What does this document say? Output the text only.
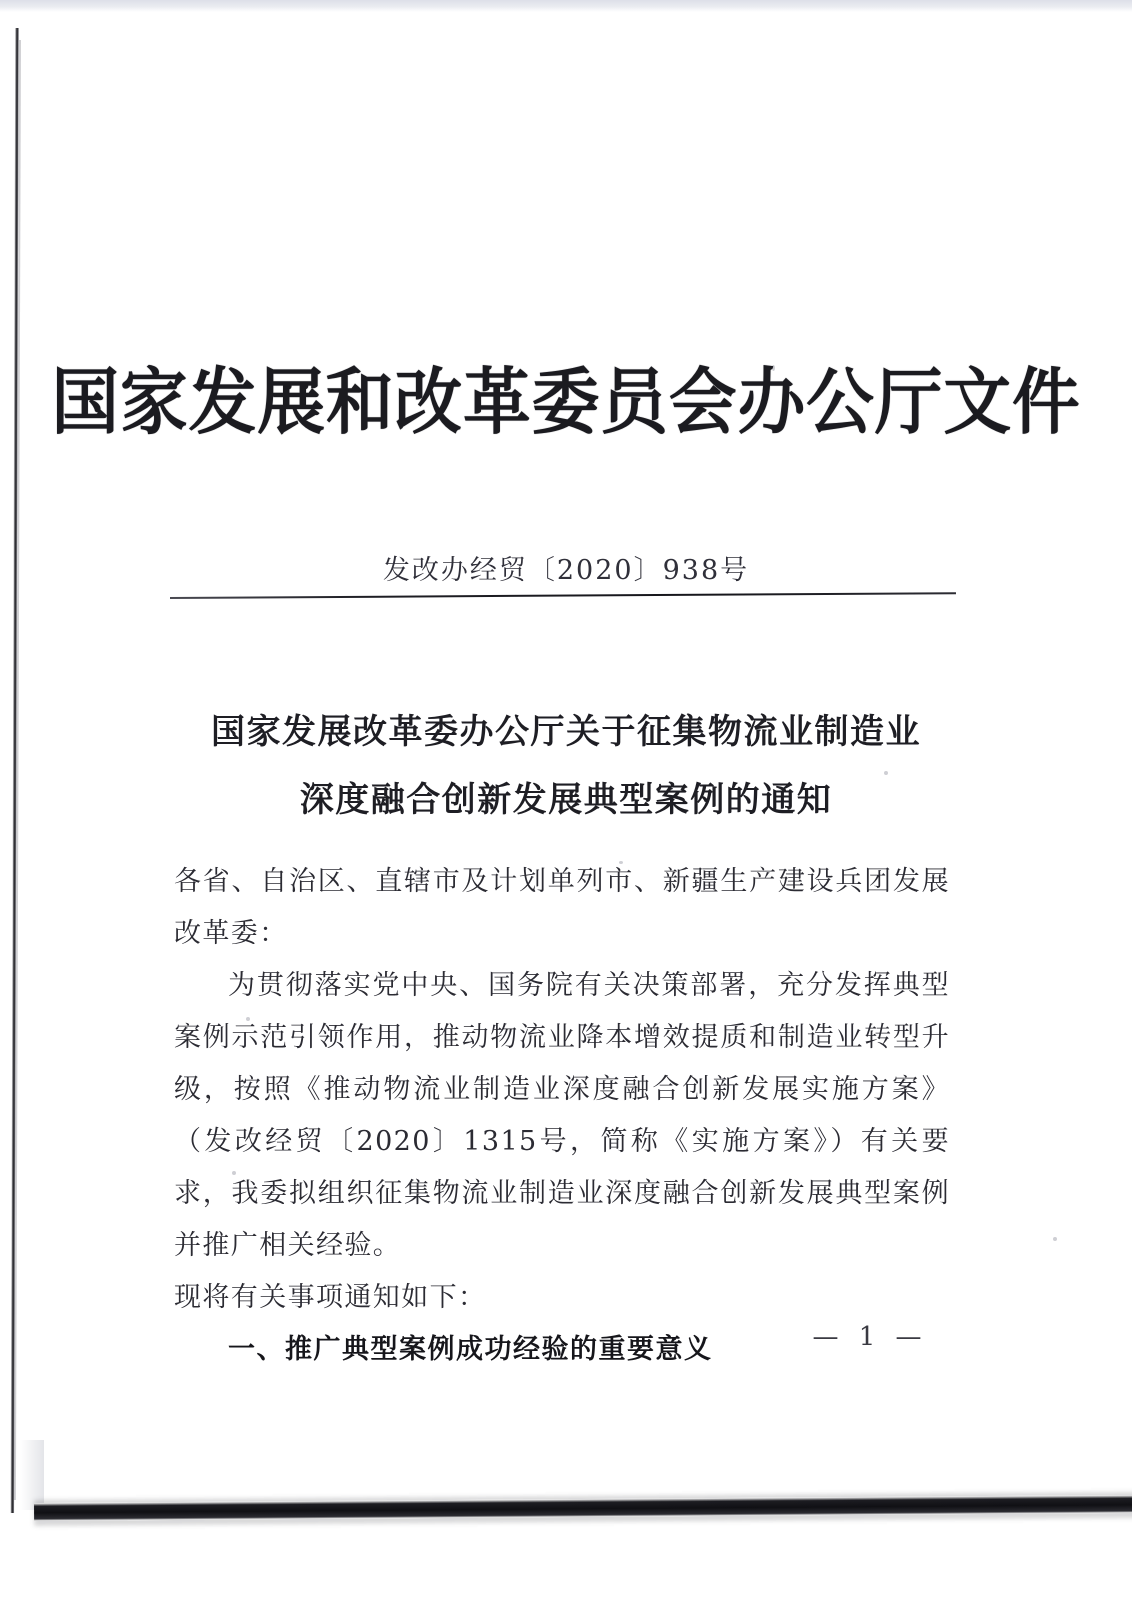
国家发展和改革委员会办公厅文件
发改办经贸〔2020〕938号
国家发展改革委办公厅关于征集物流业制造业
深度融合创新发展典型案例的通知

各省、自治区、直辖市及计划单列市、新疆生产建设兵团发展改革委：

为贯彻落实党中央、国务院有关决策部署，充分发挥典型案例示范引领作用，推动物流业降本增效提质和制造业转型升级，按照《推动物流业制造业深度融合创新发展实施方案》（发改经贸〔2020〕1315号，简称《实施方案》）有关要求，我委拟组织征集物流业制造业深度融合创新发展典型案例并推广相关经验。

现将有关事项通知如下：

一、推广典型案例成功经验的重要意义	— 1 —
